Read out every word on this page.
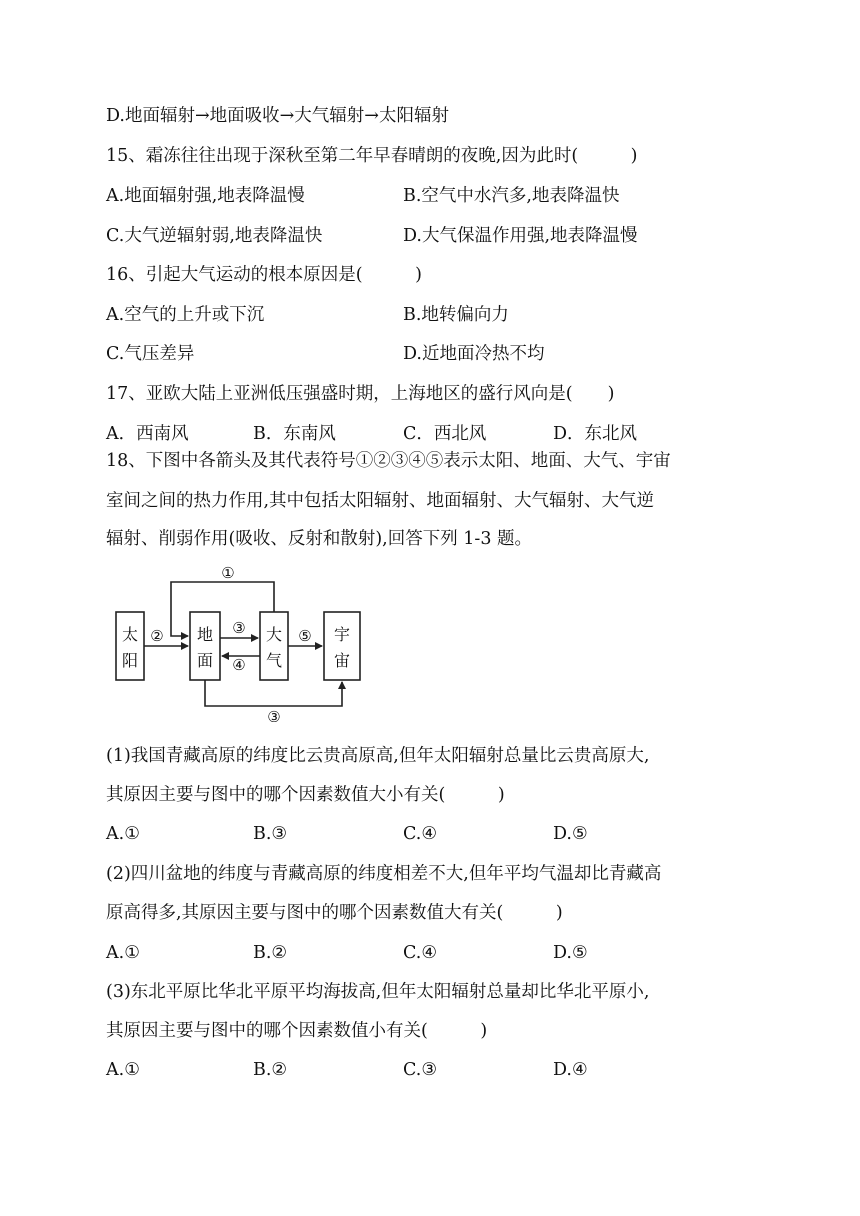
D.地面辐射→地面吸收→大气辐射→太阳辐射
15、霜冻往往出现于深秋至第二年早春晴朗的夜晚,因为此时(　　　)
A.地面辐射强,地表降温慢	B.空气中水汽多,地表降温快
C.大气逆辐射弱,地表降温快	D.大气保温作用强,地表降温慢
16、引起大气运动的根本原因是(　　　)
A.空气的上升或下沉	B.地转偏向力
C.气压差异	D.近地面冷热不均
17、亚欧大陆上亚洲低压强盛时期，上海地区的盛行风向是(　　)
A．西南风	B．东南风	C．西北风	D．东北风
18、下图中各箭头及其代表符号①②③④⑤表示太阳、地面、大气、宇宙
室间之间的热力作用,其中包括太阳辐射、地面辐射、大气辐射、大气逆
辐射、削弱作用(吸收、反射和散射),回答下列 1-3 题。
太
阳
地
面
大
气
宇
宙
①
②	③
④
⑤
③
(1)我国青藏高原的纬度比云贵高原高,但年太阳辐射总量比云贵高原大,
其原因主要与图中的哪个因素数值大小有关(　　　)
A.①	B.③	C.④	D.⑤
(2)四川盆地的纬度与青藏高原的纬度相差不大,但年平均气温却比青藏高
原高得多,其原因主要与图中的哪个因素数值大有关(　　　)
A.①	B.②	C.④	D.⑤
(3)东北平原比华北平原平均海拔高,但年太阳辐射总量却比华北平原小,
其原因主要与图中的哪个因素数值小有关(　　　)
A.①	B.②	C.③	D.④
